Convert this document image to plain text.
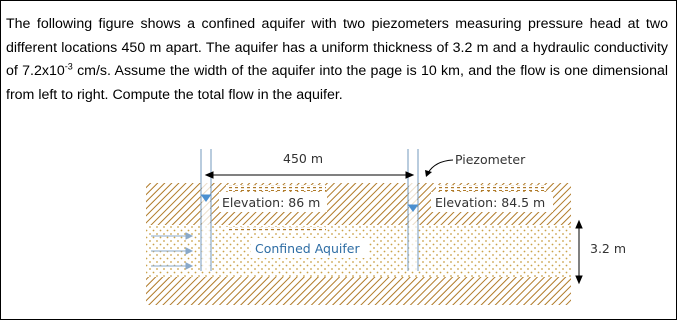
The following figure shows a confined aquifer with two piezometers measuring pressure head at two different locations 450 m apart. The aquifer has a uniform thickness of 3.2 m and a hydraulic conductivity of $7.2x10^{-3}$ cm/s. Assume the width of the aquifer into the page is 10 km, and the flow is one dimensional from left to right. Compute the total flow in the aquifer.

450 m	Piezometer
Elevation: 86 m	Elevation: 84.5 m
Confined Aquifer	3.2 m
